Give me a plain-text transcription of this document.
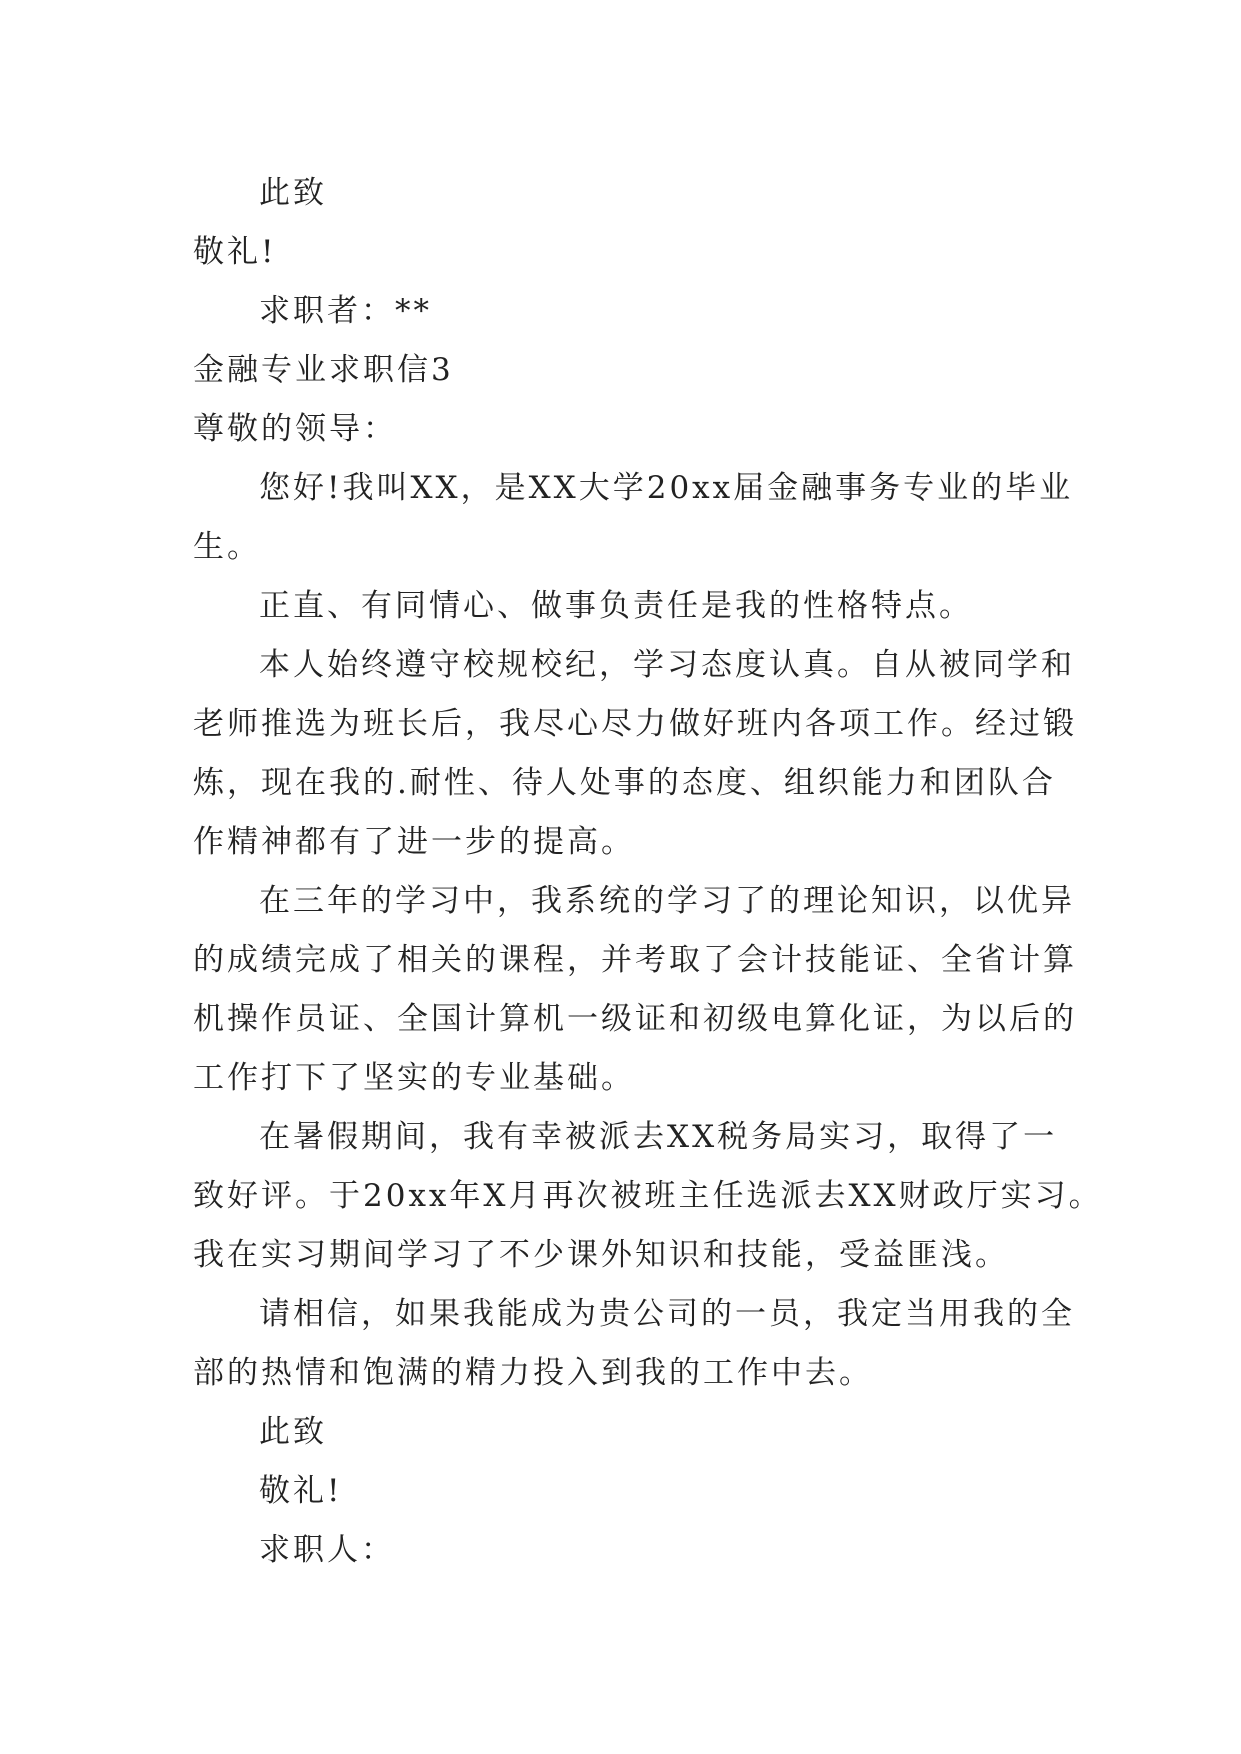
此致
敬礼!
求职者：**
金融专业求职信3
尊敬的领导：
您好!我叫XX，是XX大学20xx届金融事务专业的毕业
生。
正直、有同情心、做事负责任是我的性格特点。
本人始终遵守校规校纪，学习态度认真。自从被同学和
老师推选为班长后，我尽心尽力做好班内各项工作。经过锻
炼，现在我的.耐性、待人处事的态度、组织能力和团队合
作精神都有了进一步的提高。
在三年的学习中，我系统的学习了的理论知识，以优异
的成绩完成了相关的课程，并考取了会计技能证、全省计算
机操作员证、全国计算机一级证和初级电算化证，为以后的
工作打下了坚实的专业基础。
在暑假期间，我有幸被派去XX税务局实习，取得了一
致好评。于20xx年X月再次被班主任选派去XX财政厅实习。
我在实习期间学习了不少课外知识和技能，受益匪浅。
请相信，如果我能成为贵公司的一员，我定当用我的全
部的热情和饱满的精力投入到我的工作中去。
此致
敬礼!
求职人：
